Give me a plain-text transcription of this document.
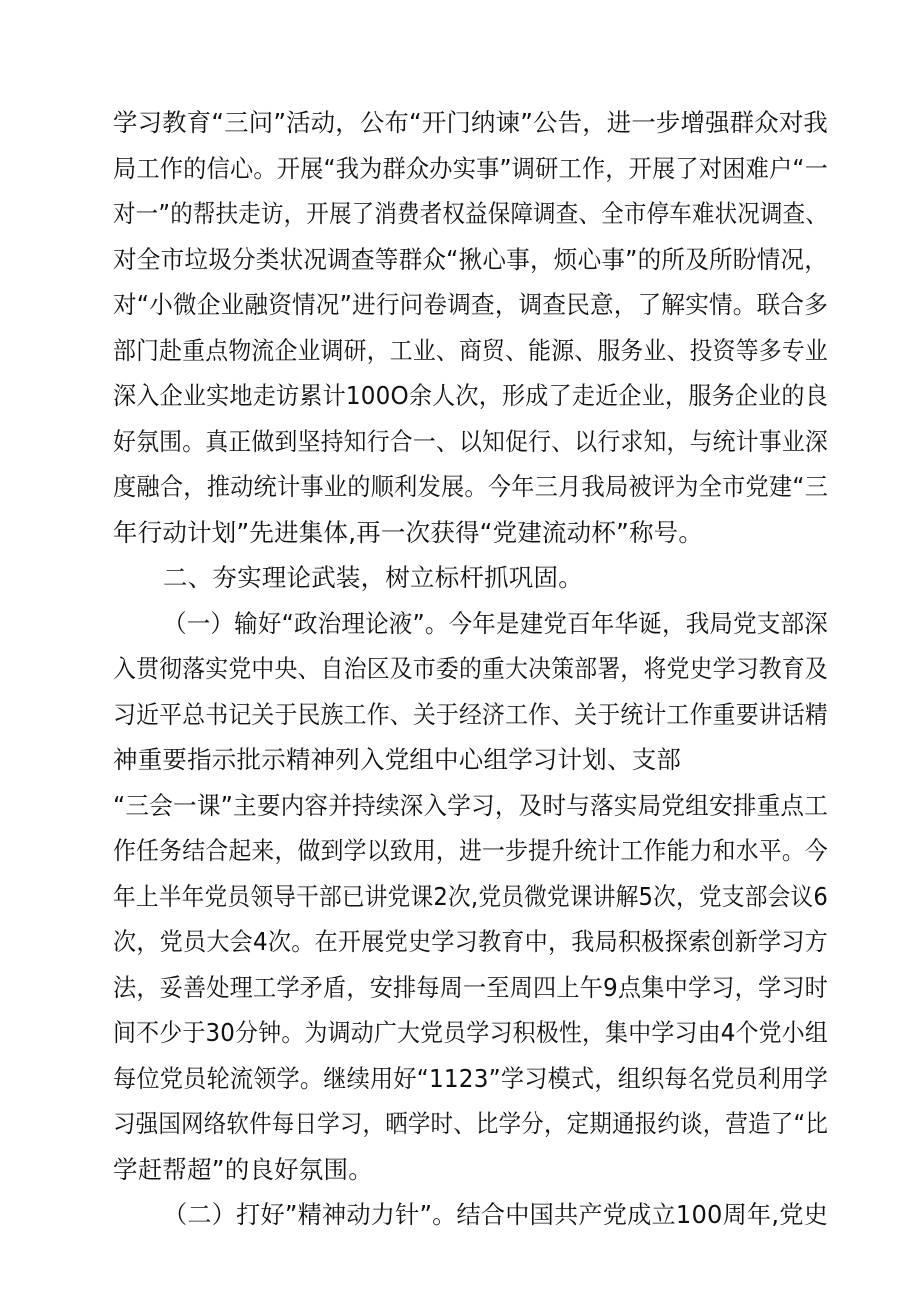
学习教育“三问”活动，公布“开门纳谏”公告，进一步增强群众对我
局工作的信心。开展“我为群众办实事”调研工作，开展了对困难户“一
对一”的帮扶走访，开展了消费者权益保障调查、全市停车难状况调查、
对全市垃圾分类状况调查等群众“揪心事，烦心事”的所及所盼情况，
对“小微企业融资情况”进行问卷调查，调查民意，了解实情。联合多
部门赴重点物流企业调研，工业、商贸、能源、服务业、投资等多专业
深入企业实地走访累计100O余人次，形成了走近企业，服务企业的良
好氛围。真正做到坚持知行合一、以知促行、以行求知，与统计事业深
度融合，推动统计事业的顺利发展。今年三月我局被评为全市党建“三
年行动计划”先进集体,再一次获得“党建流动杯”称号。
二、夯实理论武装，树立标杆抓巩固。
（一）输好“政治理论液”。今年是建党百年华诞，我局党支部深
入贯彻落实党中央、自治区及市委的重大决策部署，将党史学习教育及
习近平总书记关于民族工作、关于经济工作、关于统计工作重要讲话精
神重要指示批示精神列入党组中心组学习计划、支部
“三会一课”主要内容并持续深入学习，及时与落实局党组安排重点工
作任务结合起来，做到学以致用，进一步提升统计工作能力和水平。今
年上半年党员领导干部已讲党课2次,党员微党课讲解5次，党支部会议6
次，党员大会4次。在开展党史学习教育中，我局积极探索创新学习方
法，妥善处理工学矛盾，安排每周一至周四上午9点集中学习，学习时
间不少于30分钟。为调动广大党员学习积极性，集中学习由4个党小组
每位党员轮流领学。继续用好“1123”学习模式，组织每名党员利用学
习强国网络软件每日学习，晒学时、比学分，定期通报约谈，营造了“比
学赶帮超”的良好氛围。
（二）打好”精神动力针”。结合中国共产党成立100周年,党史
